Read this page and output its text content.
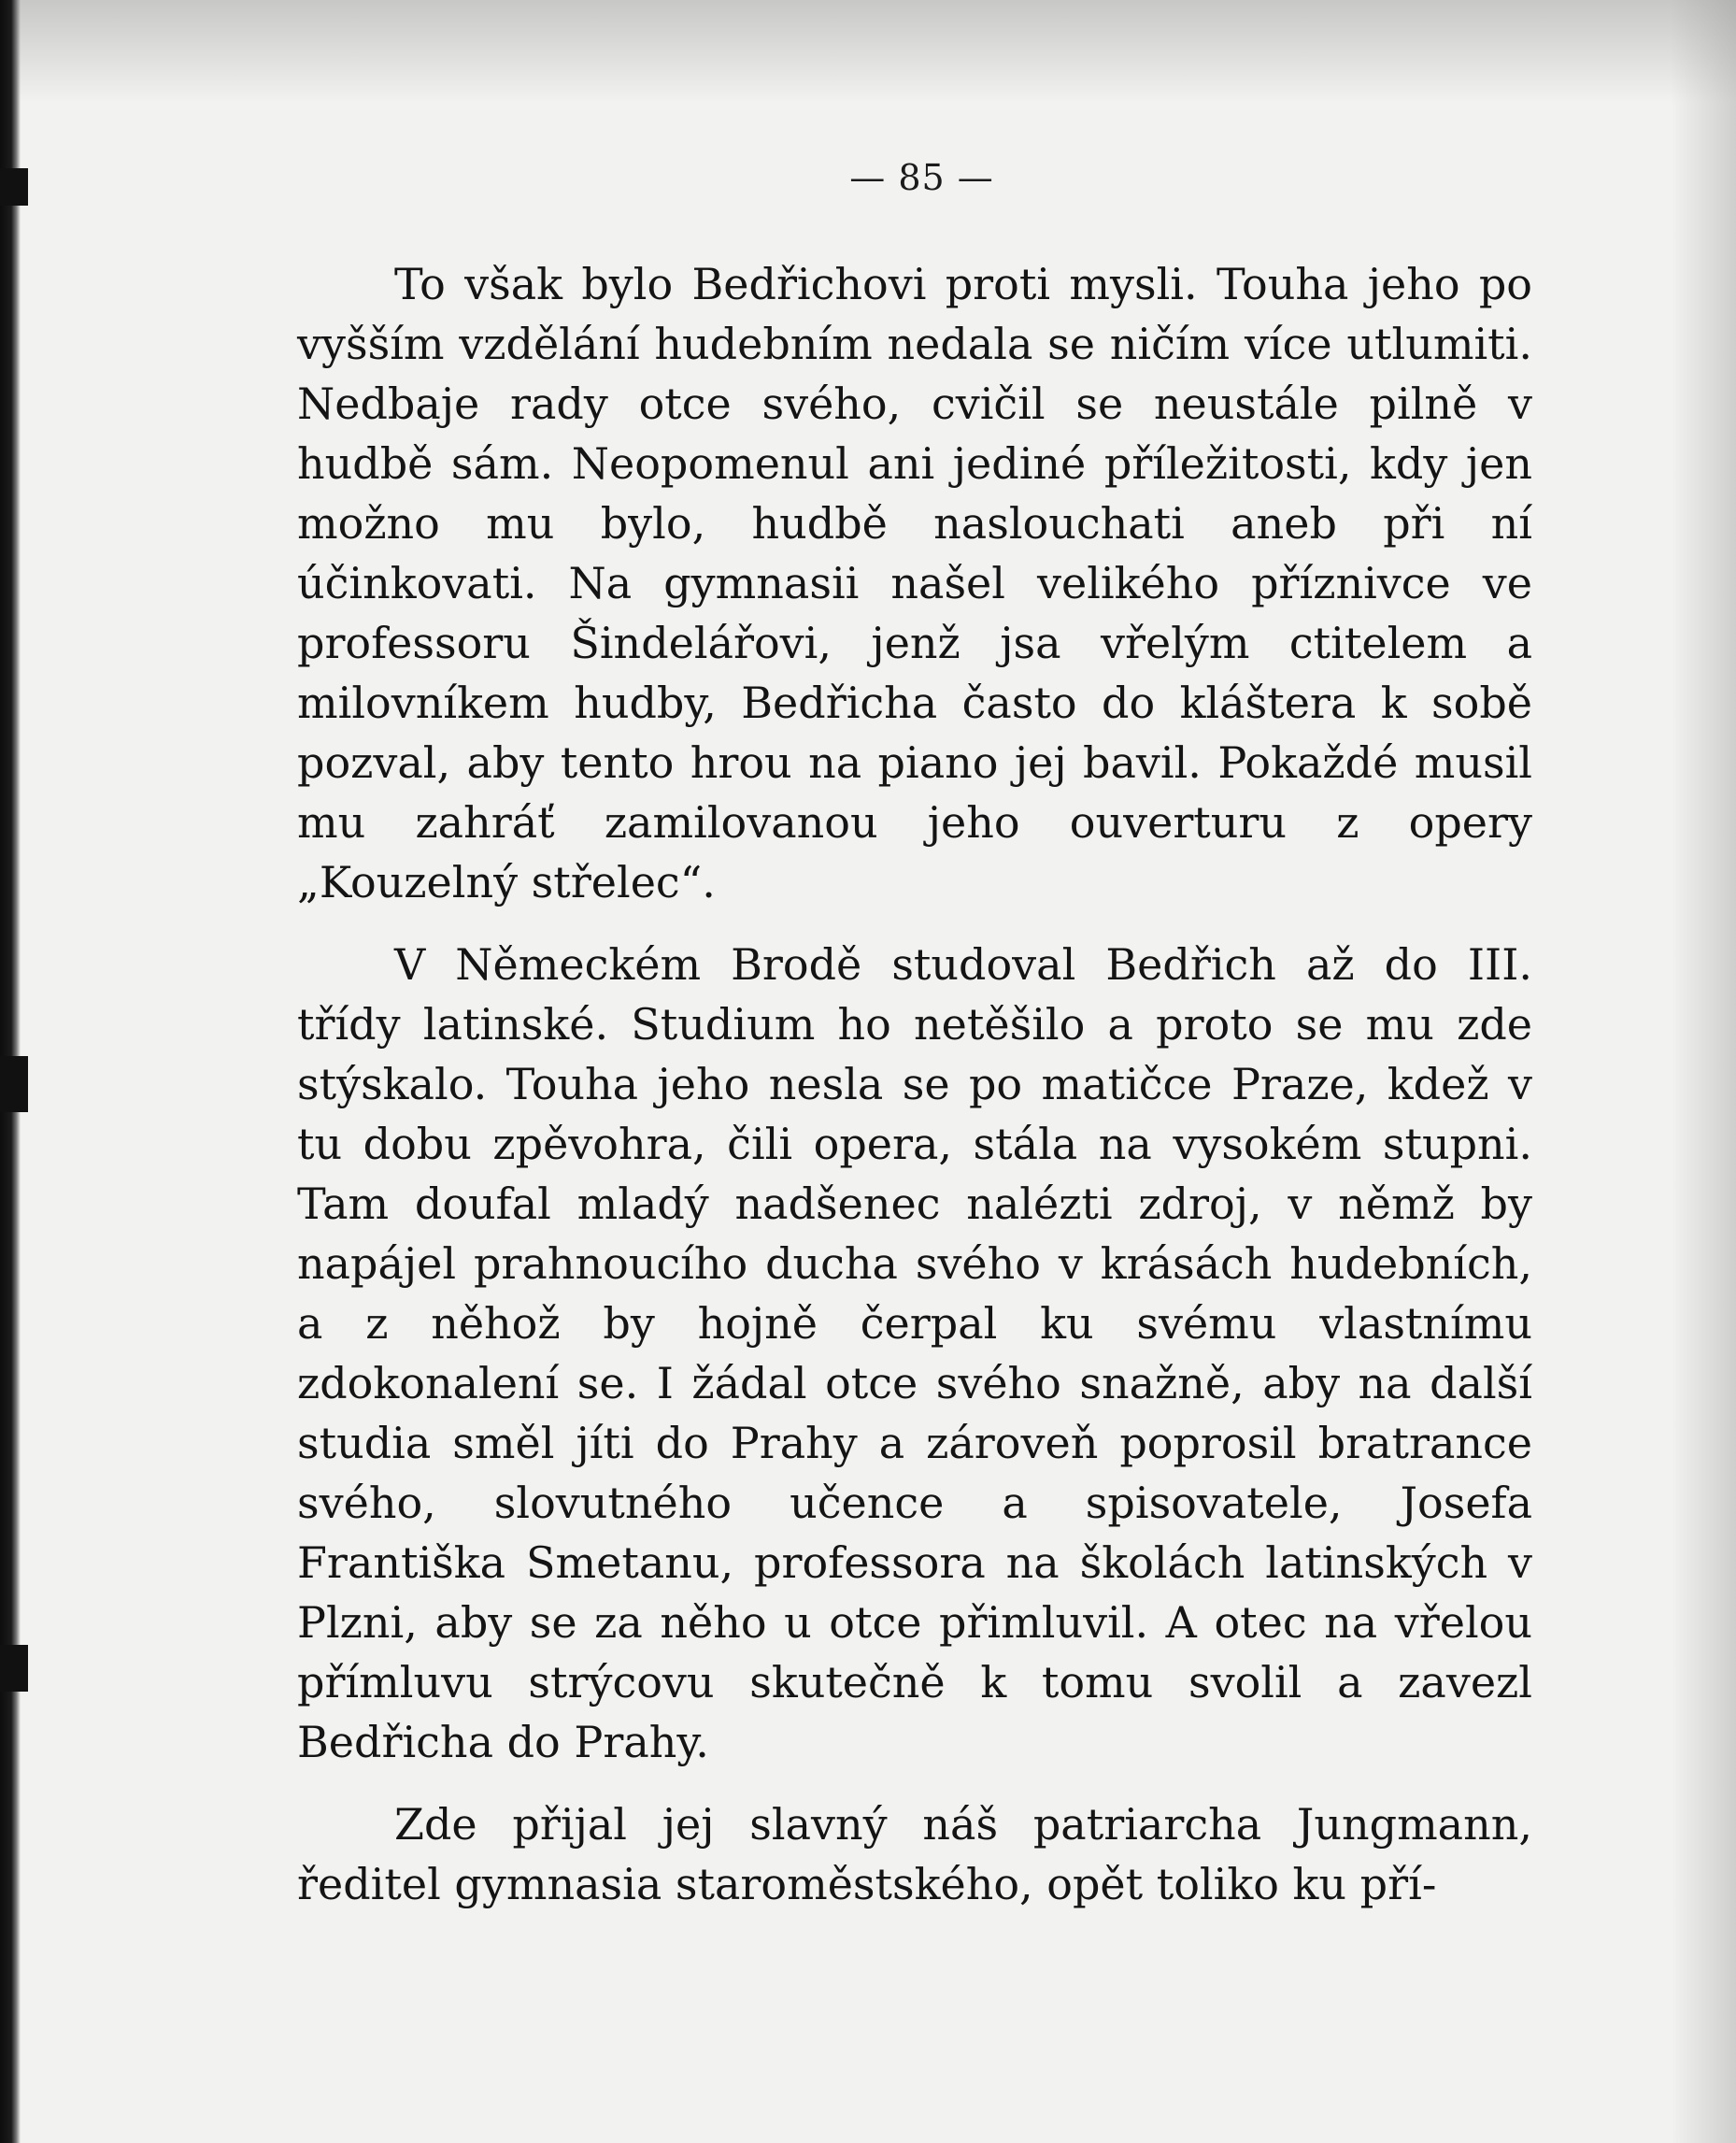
— 85 —

To však bylo Bedřichovi proti mysli. Touha jeho po vyšším vzdělání hudebním nedala se ničím více utlumiti. Nedbaje rady otce svého, cvičil se neustále pilně v hudbě sám. Neopomenul ani jediné příležitosti, kdy jen možno mu bylo, hudbě naslouchati aneb při ní účinkovati. Na gymnasii našel velikého příznivce ve professoru Šindelářovi, jenž jsa vřelým ctitelem a milovníkem hudby, Bedřicha často do kláštera k sobě pozval, aby tento hrou na piano jej bavil. Pokaždé musil mu zahráť zamilovanou jeho ouverturu z opery „Kouzelný střelec“.

V Německém Brodě studoval Bedřich až do III. třídy latinské. Studium ho netěšilo a proto se mu zde stýskalo. Touha jeho nesla se po matičce Praze, kdež v tu dobu zpěvohra, čili opera, stála na vysokém stupni. Tam doufal mladý nadšenec nalézti zdroj, v němž by napájel prahnoucího ducha svého v krásách hudebních, a z něhož by hojně čerpal ku svému vlastnímu zdokonalení se. I žádal otce svého snažně, aby na další studia směl jíti do Prahy a zároveň poprosil bratrance svého, slovutného učence a spisovatele, Josefa Františka Smetanu, professora na školách latinských v Plzni, aby se za něho u otce přimluvil. A otec na vřelou přímluvu strýcovu skutečně k tomu svolil a zavezl Bedřicha do Prahy.

Zde přijal jej slavný náš patriarcha Jungmann, ředitel gymnasia staroměstského, opět toliko ku pří-
